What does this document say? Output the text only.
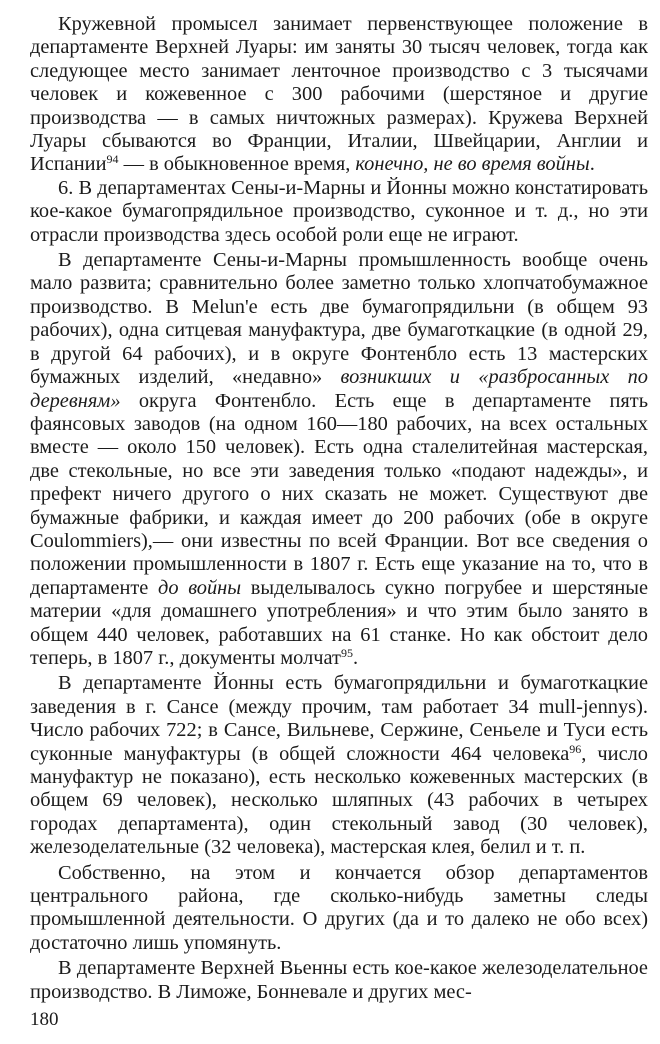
Кружевной промысел занимает первенствующее положение в департаменте Верхней Луары: им заняты 30 тысяч человек, тогда как следующее место занимает ленточное производство с 3 тысячами человек и кожевенное с 300 рабочими (шерстяное и другие производства — в самых ничтожных размерах). Кружева Верхней Луары сбываются во Франции, Италии, Швейцарии, Англии и Испании$^{94}$ — в обыкновенное время, конечно, не во время войны.

6. В департаментах Сены-и-Марны и Йонны можно констатировать кое-какое бумагопрядильное производство, суконное и т. д., но эти отрасли производства здесь особой роли еще не играют.

В департаменте Сены-и-Марны промышленность вообще очень мало развита; сравнительно более заметно только хлопчатобумажное производство. В Melun'е есть две бумагопрядильни (в общем 93 рабочих), одна ситцевая мануфактура, две бумаготкацкие (в одной 29, в другой 64 рабочих), и в округе Фонтенбло есть 13 мастерских бумажных изделий, «недавно» возникших и «разбросанных по деревням» округа Фонтенбло. Есть еще в департаменте пять фаянсовых заводов (на одном 160—180 рабочих, на всех остальных вместе — около 150 человек). Есть одна сталелитейная мастерская, две стекольные, но все эти заведения только «подают надежды», и префект ничего другого о них сказать не может. Существуют две бумажные фабрики, и каждая имеет до 200 рабочих (обе в округе Coulommiers),— они известны по всей Франции. Вот все сведения о положении промышленности в 1807 г. Есть еще указание на то, что в департаменте до войны выделывалось сукно погрубее и шерстяные материи «для домашнего употребления» и что этим было занято в общем 440 человек, работавших на 61 станке. Но как обстоит дело теперь, в 1807 г., документы молчат$^{95}$.

В департаменте Йонны есть бумагопрядильни и бумаготкацкие заведения в г. Сансе (между прочим, там работает 34 mull-jennys). Число рабочих 722; в Сансе, Вильневе, Сержине, Сеньеле и Туси есть суконные мануфактуры (в общей сложности 464 человека$^{96}$, число мануфактур не показано), есть несколько кожевенных мастерских (в общем 69 человек), несколько шляпных (43 рабочих в четырех городах департамента), один стекольный завод (30 человек), железоделательные (32 человека), мастерская клея, белил и т. п.

Собственно, на этом и кончается обзор департаментов центрального района, где сколько-нибудь заметны следы промышленной деятельности. О других (да и то далеко не обо всех) достаточно лишь упомянуть.

В департаменте Верхней Вьенны есть кое-какое железоделательное производство. В Лиможе, Бонневале и других мес-

180
